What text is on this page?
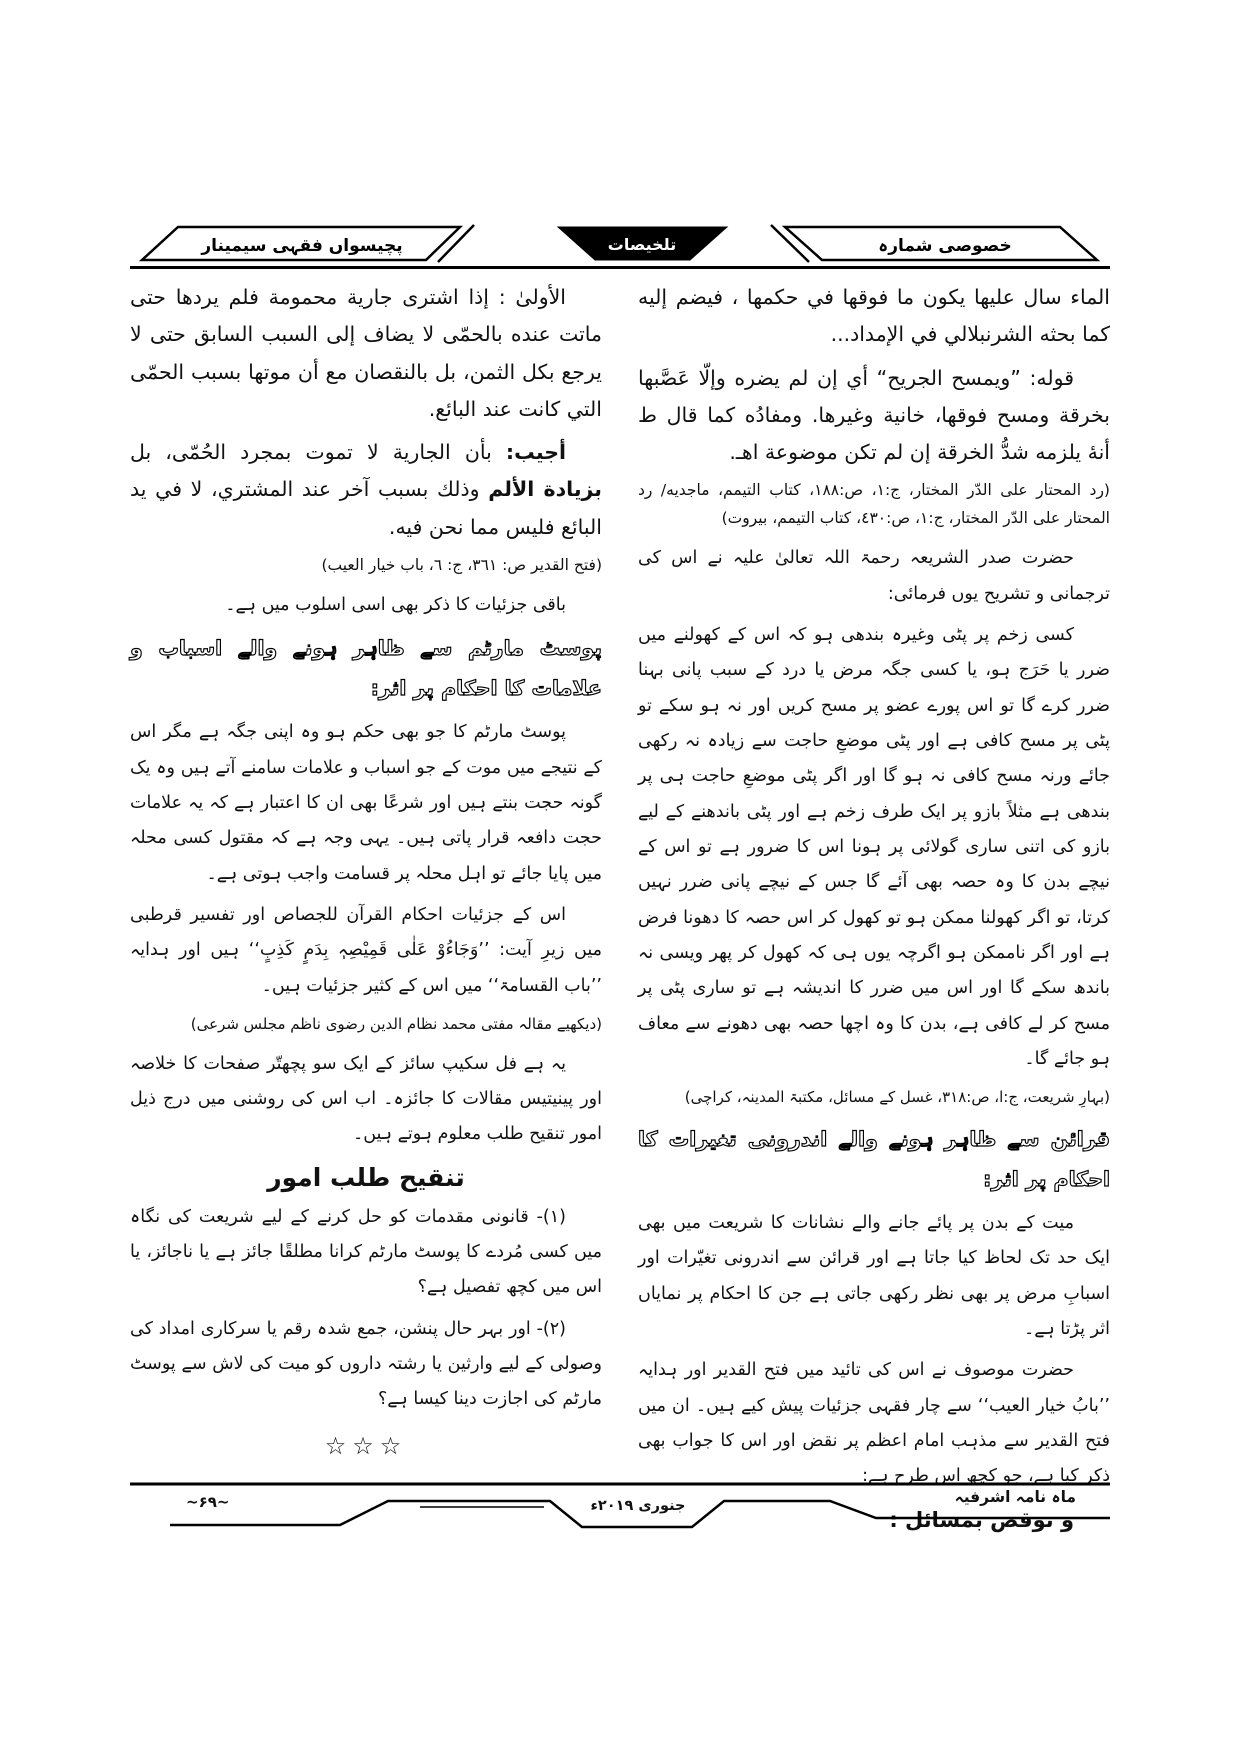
خصوصی شمارہ
تلخیصات
پچیسواں فقہی سیمینار

الماء سال عليها يكون ما فوقها في حكمها ، فيضم إليه كما بحثه الشرنبلالي في الإمداد...

قوله: ”ويمسح الجريح“ أي إن لم يضره وإلّا عَصَّبها بخرقة ومسح فوقها، خانية وغيرها. ومفادُه كما قال ط أنهٔ يلزمه شدُّ الخرقة إن لم تكن موضوعة اهـ.

(رد المحتار على الدّر المختار، ج:١، ص:١٨٨، كتاب التيمم، ماجديه/ رد المحتار على الدّر المختار، ج:١، ص:٤٣٠، كتاب التيمم، بيروت)

حضرت صدر الشریعہ رحمۃ اللہ تعالیٰ علیہ نے اس کی ترجمانی و تشریح یوں فرمائی:

کسی زخم پر پٹی وغیرہ بندھی ہو کہ اس کے کھولنے میں ضرر یا حَرَج ہو، یا کسی جگہ مرض یا درد کے سبب پانی بہنا ضرر کرے گا تو اس پورے عضو پر مسح کریں اور نہ ہو سکے تو پٹی پر مسح کافی ہے اور پٹی موضعِ حاجت سے زیادہ نہ رکھی جائے ورنہ مسح کافی نہ ہو گا اور اگر پٹی موضعِ حاجت ہی پر بندھی ہے مثلاً بازو پر ایک طرف زخم ہے اور پٹی باندھنے کے لیے بازو کی اتنی ساری گولائی پر ہونا اس کا ضرور ہے تو اس کے نیچے بدن کا وہ حصہ بھی آئے گا جس کے نیچے پانی ضرر نہیں کرتا، تو اگر کھولنا ممکن ہو تو کھول کر اس حصہ کا دھونا فرض ہے اور اگر ناممکن ہو اگرچہ یوں ہی کہ کھول کر پھر ویسی نہ باندھ سکے گا اور اس میں ضرر کا اندیشہ ہے تو ساری پٹی پر مسح کر لے کافی ہے، بدن کا وہ اچھا حصہ بھی دھونے سے معاف ہو جائے گا۔

(بہارِ شریعت، ج:ا، ص:۳۱۸، غسل کے مسائل، مکتبۃ المدینہ، کراچی)

قرائن سے ظاہر ہونے والے اندرونی تغیرات کا احکام پر اثر:

میت کے بدن پر پائے جانے والے نشانات کا شریعت میں بھی ایک حد تک لحاظ کیا جاتا ہے اور قرائن سے اندرونی تغیّرات اور اسبابِ مرض پر بھی نظر رکھی جاتی ہے جن کا احکام پر نمایاں اثر پڑتا ہے۔

حضرت موصوف نے اس کی تائید میں فتح القدیر اور ہدایہ ’’بابُ خیار العیب‘‘ سے چار فقہی جزئیات پیش کیے ہیں۔ ان میں فتح القدیر سے مذہب امام اعظم پر نقض اور اس کا جواب بھی ذکر کیا ہے، جو کچھ اس طرح ہے:

و نوقض بمسائل :

الأولىٰ : إذا اشترى جارية محمومة فلم يردها حتى ماتت عنده بالحمّى لا يضاف إلى السبب السابق حتى لا يرجع بكل الثمن، بل بالنقصان مع أن موتها بسبب الحمّى التي كانت عند البائع.

أجيب: بأن الجارية لا تموت بمجرد الحُمّى، بل بزيادة الألم وذلك بسبب آخر عند المشتري، لا في يد البائع فليس مما نحن فيه.

(فتح القدير ص: ٣٦١، ج: ٦، باب خيار العيب)

باقی جزئیات کا ذکر بھی اسی اسلوب میں ہے۔

پوسٹ مارٹم سے ظاہر ہونے والے اسباب و علامات کا احکام پر اثر:

پوسٹ مارٹم کا جو بھی حکم ہو وہ اپنی جگہ ہے مگر اس کے نتیجے میں موت کے جو اسباب و علامات سامنے آتے ہیں وہ یک گونہ حجت بنتے ہیں اور شرعًا بھی ان کا اعتبار ہے کہ یہ علامات حجت دافعہ قرار پاتی ہیں۔ یہی وجہ ہے کہ مقتول کسی محلہ میں پایا جائے تو اہل محلہ پر قسامت واجب ہوتی ہے۔

اس کے جزئیات احکام القرآن للجصاص اور تفسیر قرطبی میں زیرِ آیت: ’’وَجَاءُوْ عَلٰی قَمِیْصِہٖ بِدَمٍ کَذِبٍ‘‘ ہیں اور ہدایہ ’’باب القسامۃ‘‘ میں اس کے کثیر جزئیات ہیں۔

(دیکھیے مقالہ مفتی محمد نظام الدین رضوی ناظم مجلس شرعی)

یہ ہے فل سکیپ سائز کے ایک سو پچھتّر صفحات کا خلاصہ اور پینیتیس مقالات کا جائزہ۔ اب اس کی روشنی میں درج ذیل امور تنقیح طلب معلوم ہوتے ہیں۔

تنقیح طلب امور

(۱)- قانونی مقدمات کو حل کرنے کے لیے شریعت کی نگاہ میں کسی مُردے کا پوسٹ مارٹم کرانا مطلقًا جائز ہے یا ناجائز، یا اس میں کچھ تفصیل ہے؟

(۲)- اور بہر حال پنشن، جمع شدہ رقم یا سرکاری امداد کی وصولی کے لیے وارثین یا رشتہ داروں کو میت کی لاش سے پوسٹ مارٹم کی اجازت دینا کیسا ہے؟

☆☆☆

ماہ نامہ اشرفیہ
جنوری ۲۰۱۹ء
~۶۹~
